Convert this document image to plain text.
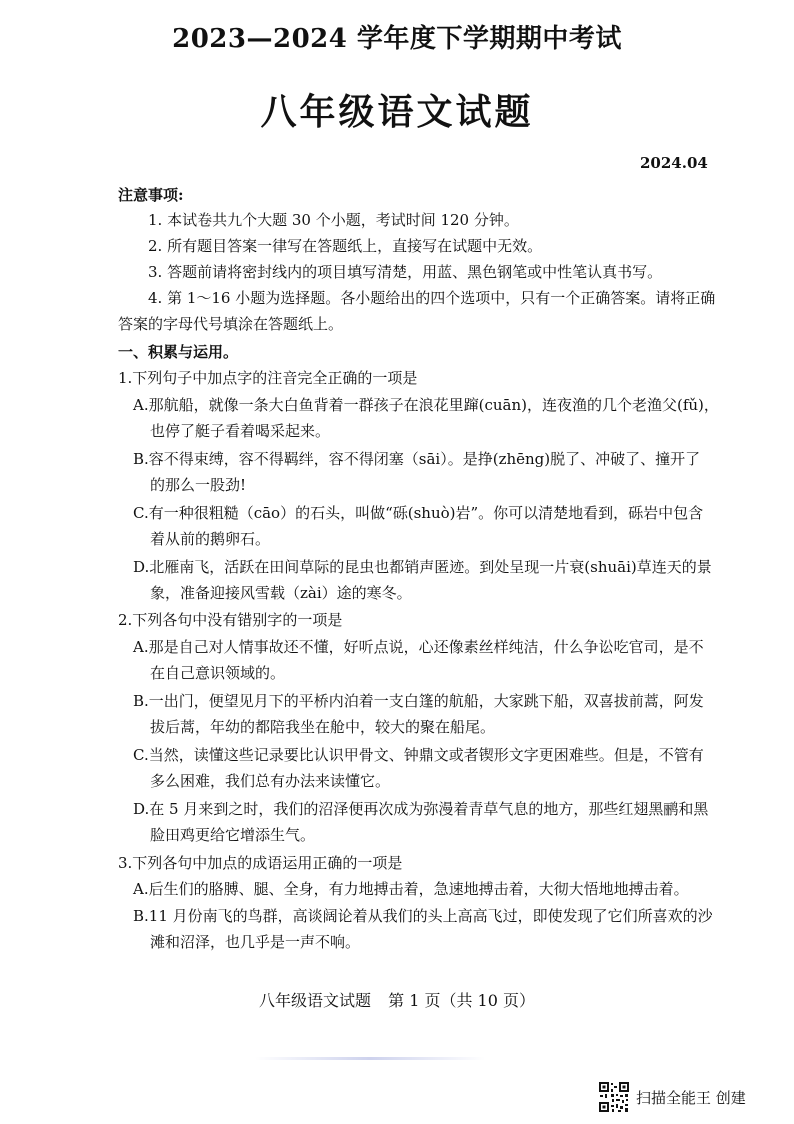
2023—2024 学年度下学期期中考试
八年级语文试题
2024.04
注意事项:
1. 本试卷共九个大题 30 个小题，考试时间 120 分钟。
2. 所有题目答案一律写在答题纸上，直接写在试题中无效。
3. 答题前请将密封线内的项目填写清楚，用蓝、黑色钢笔或中性笔认真书写。
4. 第 1～16 小题为选择题。各小题给出的四个选项中，只有一个正确答案。请将正确
答案的字母代号填涂在答题纸上。
一、积累与运用。
1.下列句子中加点字的注音完全正确的一项是
A.那航船，就像一条大白鱼背着一群孩子在浪花里蹿(cuān)，连夜渔的几个老渔父(fǔ)，
也停了艇子看着喝采起来。
B.容不得束缚，容不得羁绊，容不得闭塞（sāi）。是挣(zhēng)脱了、冲破了、撞开了
的那么一股劲!
C.有一种很粗糙（cāo）的石头，叫做“砾(shuò)岩”。你可以清楚地看到，砾岩中包含
着从前的鹅卵石。
D.北雁南飞，活跃在田间草际的昆虫也都销声匿迹。到处呈现一片衰(shuāi)草连天的景
象，准备迎接风雪载（zài）途的寒冬。
2.下列各句中没有错别字的一项是
A.那是自己对人情事故还不懂，好听点说，心还像素丝样纯洁，什么争讼吃官司，是不
在自己意识领域的。
B.一出门，便望见月下的平桥内泊着一支白篷的航船，大家跳下船，双喜拔前蒿，阿发
拔后蒿，年幼的都陪我坐在舱中，较大的聚在船尾。
C.当然，读懂这些记录要比认识甲骨文、钟鼎文或者锲形文字更困难些。但是，不管有
多么困难，我们总有办法来读懂它。
D.在 5 月来到之时，我们的沼泽便再次成为弥漫着青草气息的地方，那些红翅黑鹂和黑
脸田鸡更给它增添生气。
3.下列各句中加点的成语运用正确的一项是
A.后生们的胳膊、腿、全身，有力地搏击着，急速地搏击着，大彻大悟地地搏击着。
B.11 月份南飞的鸟群，高谈阔论着从我们的头上高高飞过，即使发现了它们所喜欢的沙
滩和沼泽，也几乎是一声不响。
八年级语文试题 第 1 页（共 10 页）
扫描全能王 创建
